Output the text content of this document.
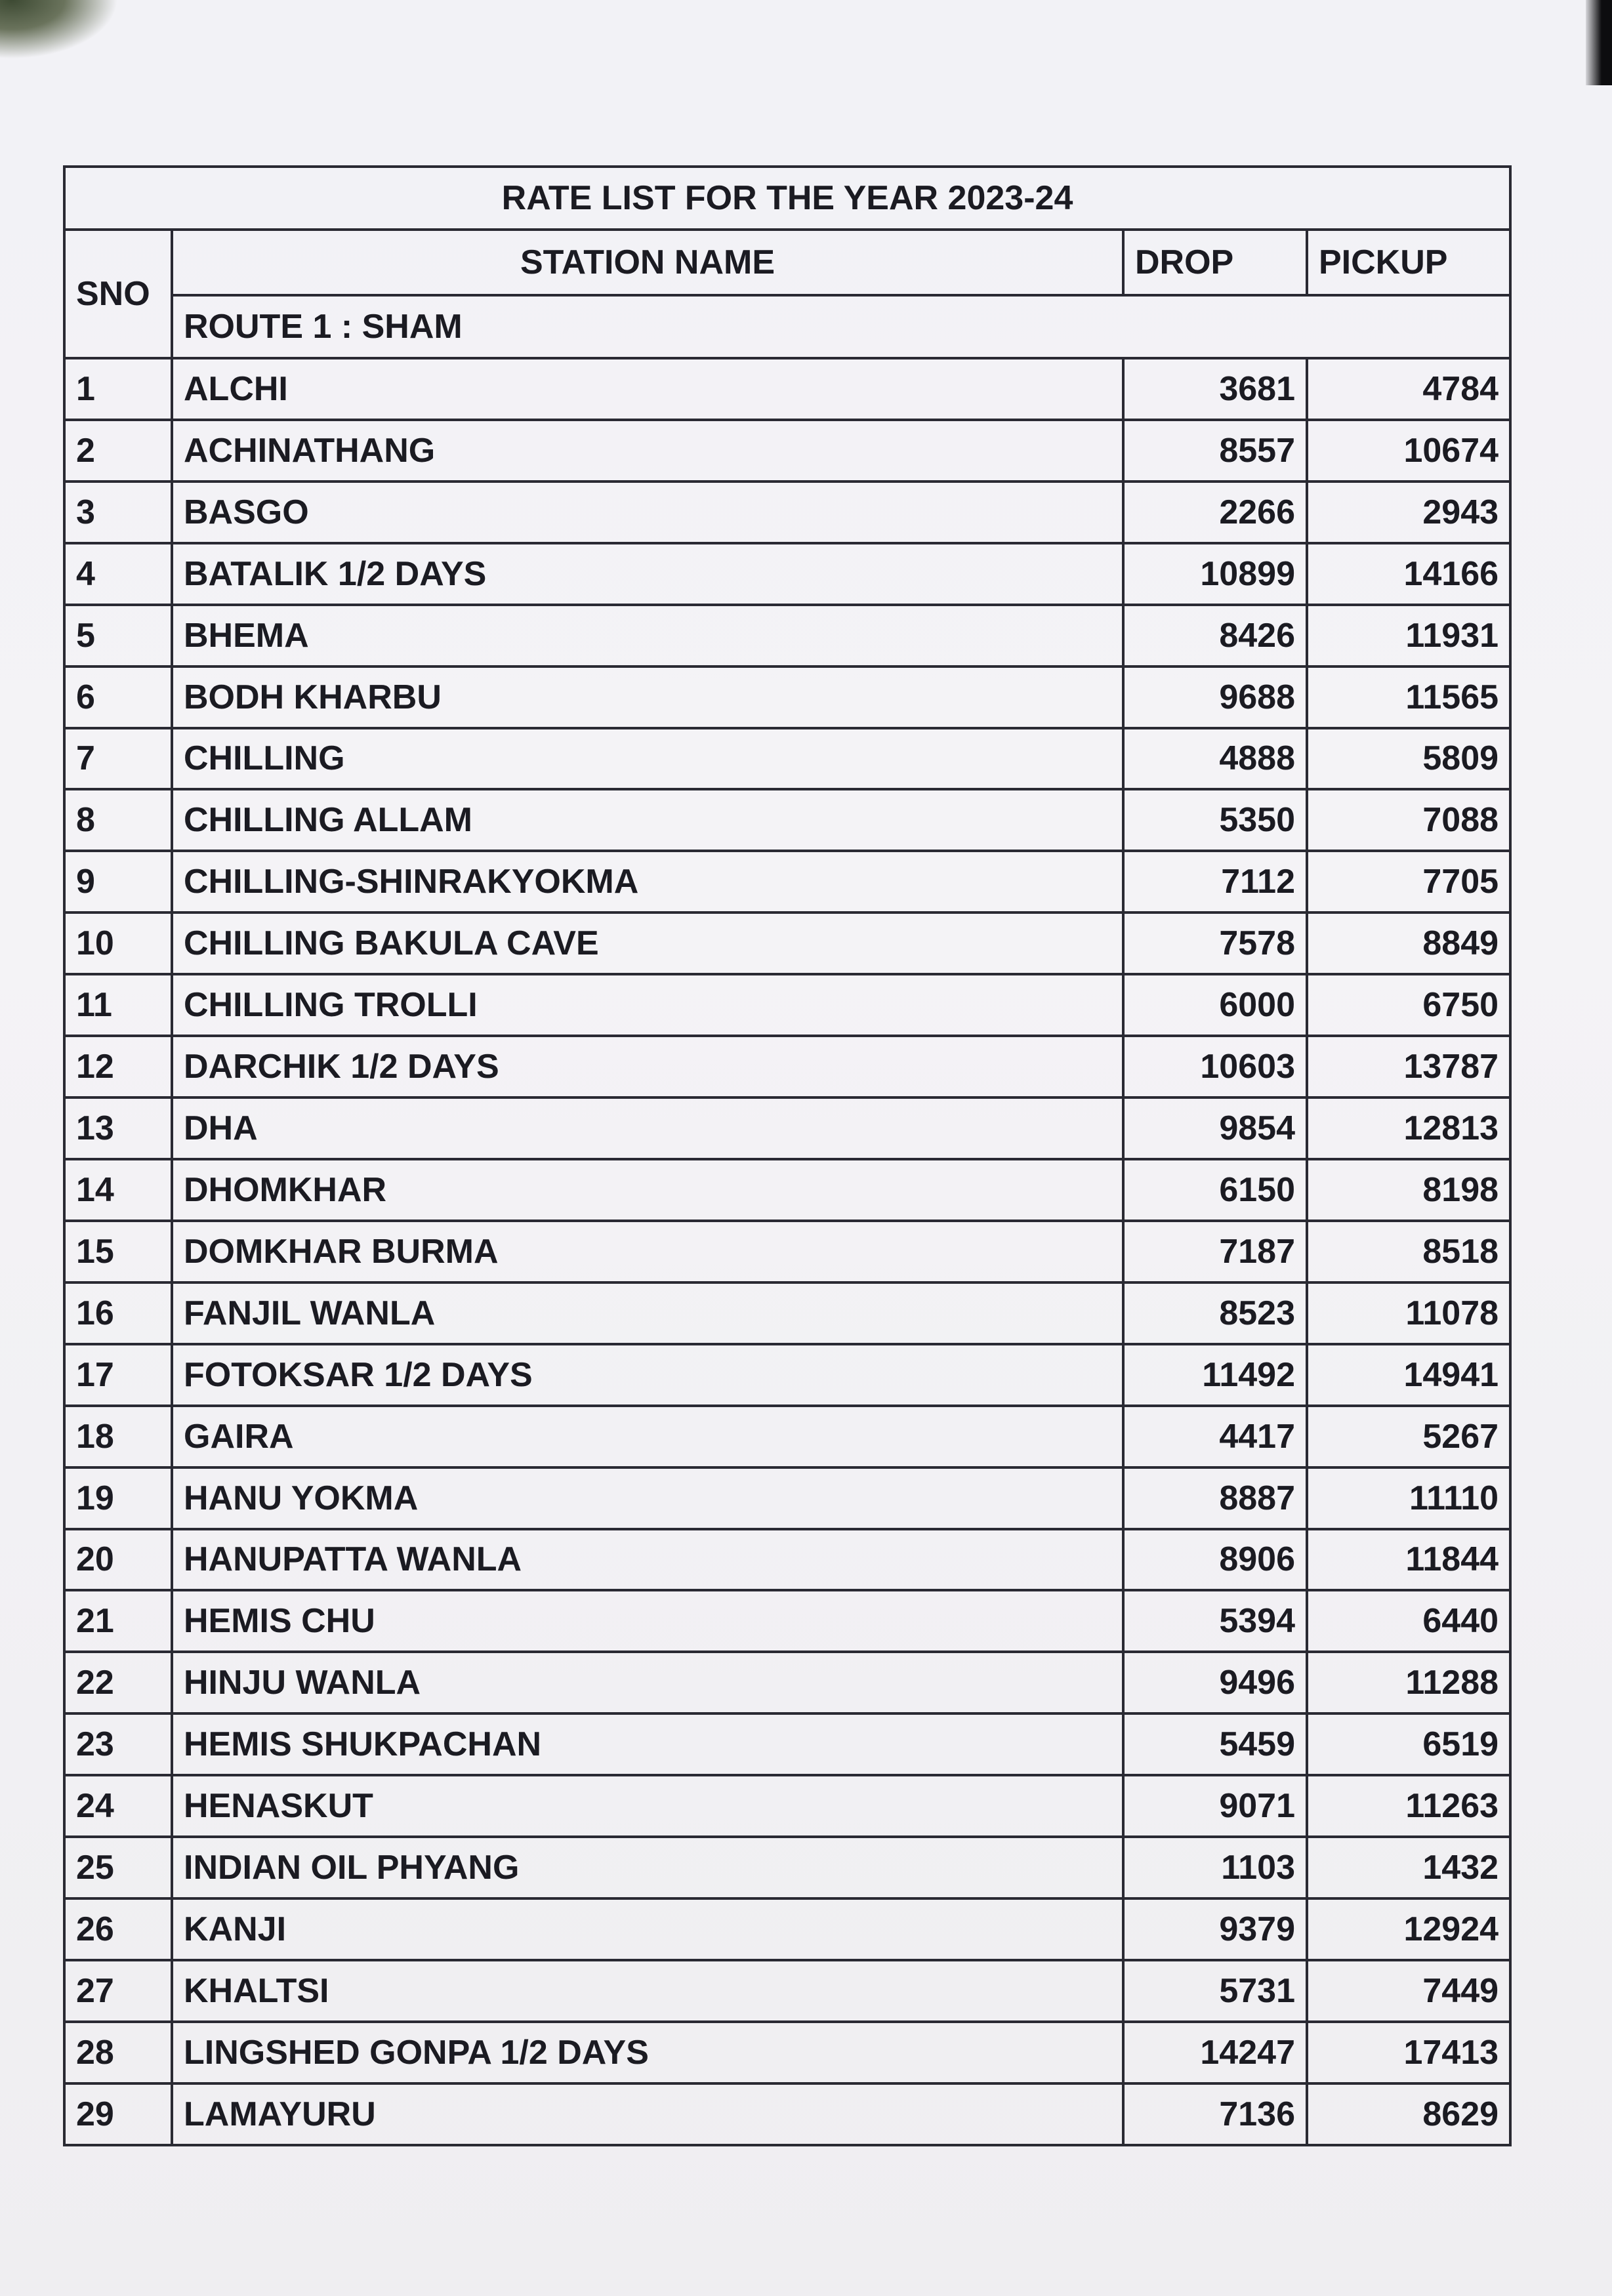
RATE LIST FOR THE YEAR 2023-24			
SNO	STATION NAME	DROP	PICKUP
	ROUTE 1 : SHAM		
1	ALCHI	3681	4784
2	ACHINATHANG	8557	10674
3	BASGO	2266	2943
4	BATALIK 1/2 DAYS	10899	14166
5	BHEMA	8426	11931
6	BODH KHARBU	9688	11565
7	CHILLING	4888	5809
8	CHILLING ALLAM	5350	7088
9	CHILLING-SHINRAKYOKMA	7112	7705
10	CHILLING BAKULA CAVE	7578	8849
11	CHILLING TROLLI	6000	6750
12	DARCHIK 1/2 DAYS	10603	13787
13	DHA	9854	12813
14	DHOMKHAR	6150	8198
15	DOMKHAR BURMA	7187	8518
16	FANJIL WANLA	8523	11078
17	FOTOKSAR 1/2 DAYS	11492	14941
18	GAIRA	4417	5267
19	HANU YOKMA	8887	11110
20	HANUPATTA WANLA	8906	11844
21	HEMIS CHU	5394	6440
22	HINJU WANLA	9496	11288
23	HEMIS SHUKPACHAN	5459	6519
24	HENASKUT	9071	11263
25	INDIAN OIL PHYANG	1103	1432
26	KANJI	9379	12924
27	KHALTSI	5731	7449
28	LINGSHED GONPA 1/2 DAYS	14247	17413
29	LAMAYURU	7136	8629
